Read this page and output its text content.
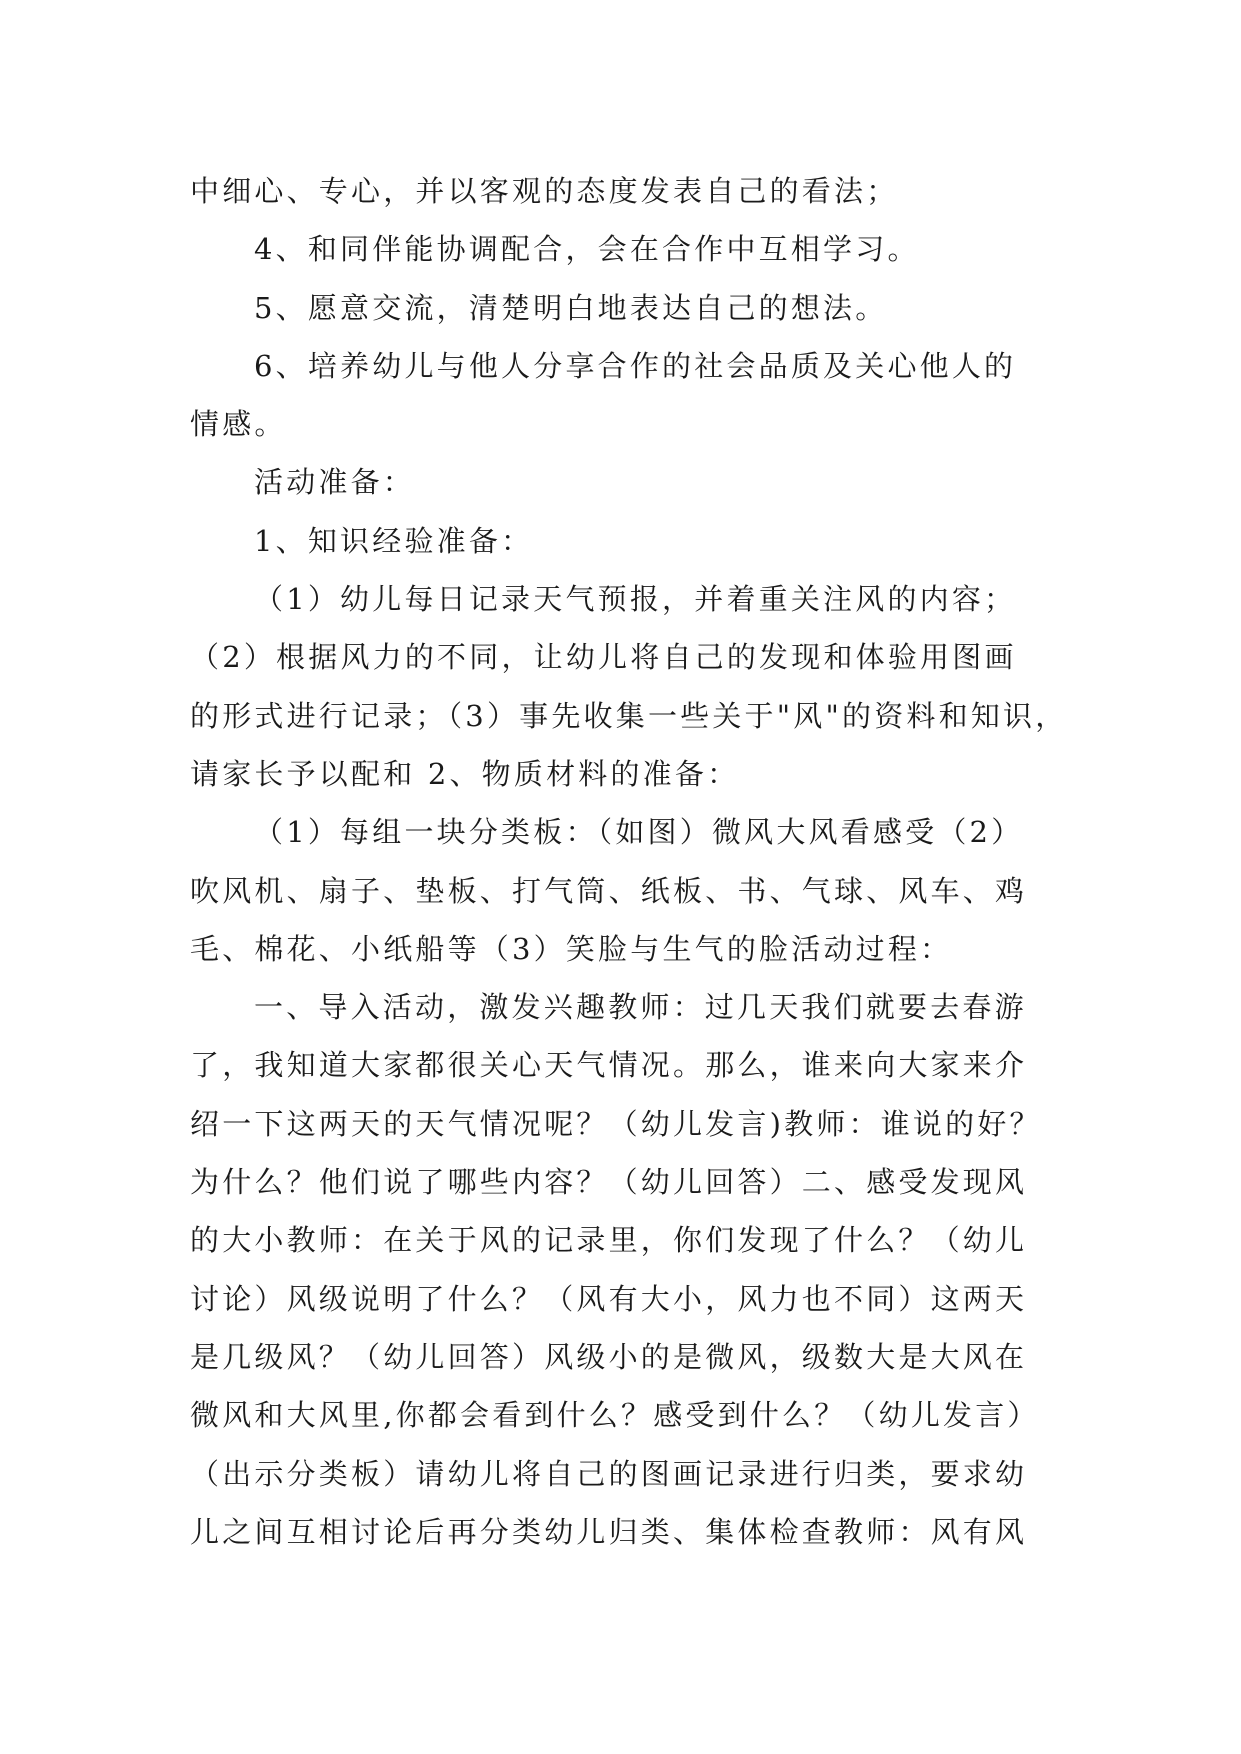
中细心、专心，并以客观的态度发表自己的看法；
4、和同伴能协调配合，会在合作中互相学习。
5、愿意交流，清楚明白地表达自己的想法。
6、培养幼儿与他人分享合作的社会品质及关心他人的
情感。
活动准备：
1、知识经验准备：
（1）幼儿每日记录天气预报，并着重关注风的内容；
（2）根据风力的不同，让幼儿将自己的发现和体验用图画
的形式进行记录；（3）事先收集一些关于"风"的资料和知识，
请家长予以配和 2、物质材料的准备：
（1）每组一块分类板：（如图）微风大风看感受（2）
吹风机、扇子、垫板、打气筒、纸板、书、气球、风车、鸡
毛、棉花、小纸船等（3）笑脸与生气的脸活动过程：
一、导入活动，激发兴趣教师：过几天我们就要去春游
了，我知道大家都很关心天气情况。那么，谁来向大家来介
绍一下这两天的天气情况呢？（幼儿发言)教师：谁说的好？
为什么？他们说了哪些内容？（幼儿回答）二、感受发现风
的大小教师：在关于风的记录里，你们发现了什么？（幼儿
讨论）风级说明了什么？（风有大小，风力也不同）这两天
是几级风？（幼儿回答）风级小的是微风，级数大是大风在
微风和大风里,你都会看到什么？感受到什么？（幼儿发言）
（出示分类板）请幼儿将自己的图画记录进行归类，要求幼
儿之间互相讨论后再分类幼儿归类、集体检查教师：风有风
